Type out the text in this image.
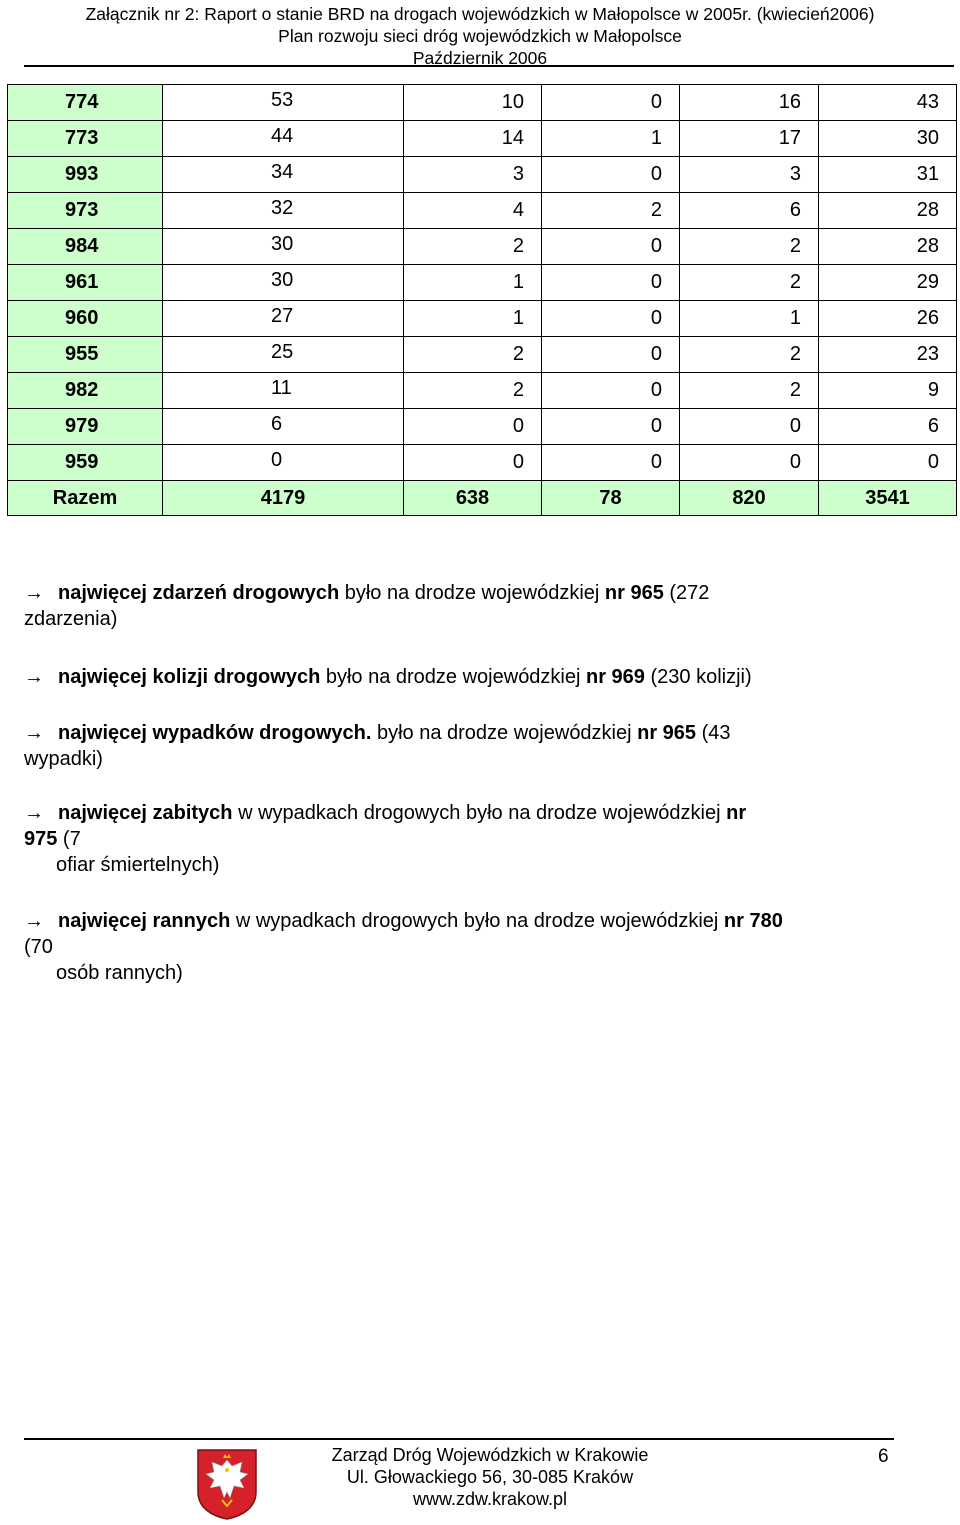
Załącznik nr 2: Raport o stanie BRD na drogach wojewódzkich w Małopolsce w 2005r. (kwiecień2006)
Plan rozwoju sieci dróg wojewódzkich w Małopolsce
Październik 2006
774	53	10	0	16	43
773	44	14	1	17	30
993	34	3	0	3	31
973	32	4	2	6	28
984	30	2	0	2	28
961	30	1	0	2	29
960	27	1	0	1	26
955	25	2	0	2	23
982	11	2	0	2	9
979	6	0	0	0	6
959	0	0	0	0	0
Razem	4179	638	78	820	3541
→ najwięcej zdarzeń drogowych było na drodze wojewódzkiej nr 965 (272
zdarzenia)
→ najwięcej kolizji drogowych było na drodze wojewódzkiej nr 969 (230 kolizji)
→ najwięcej wypadków drogowych. było na drodze wojewódzkiej nr 965 (43
wypadki)
→ najwięcej zabitych w wypadkach drogowych było na drodze wojewódzkiej nr
975 (7
ofiar śmiertelnych)
→ najwięcej rannych w wypadkach drogowych było na drodze wojewódzkiej nr 780
(70
osób rannych)
Zarząd Dróg Wojewódzkich w Krakowie
Ul. Głowackiego 56, 30-085 Kraków
www.zdw.krakow.pl
6
